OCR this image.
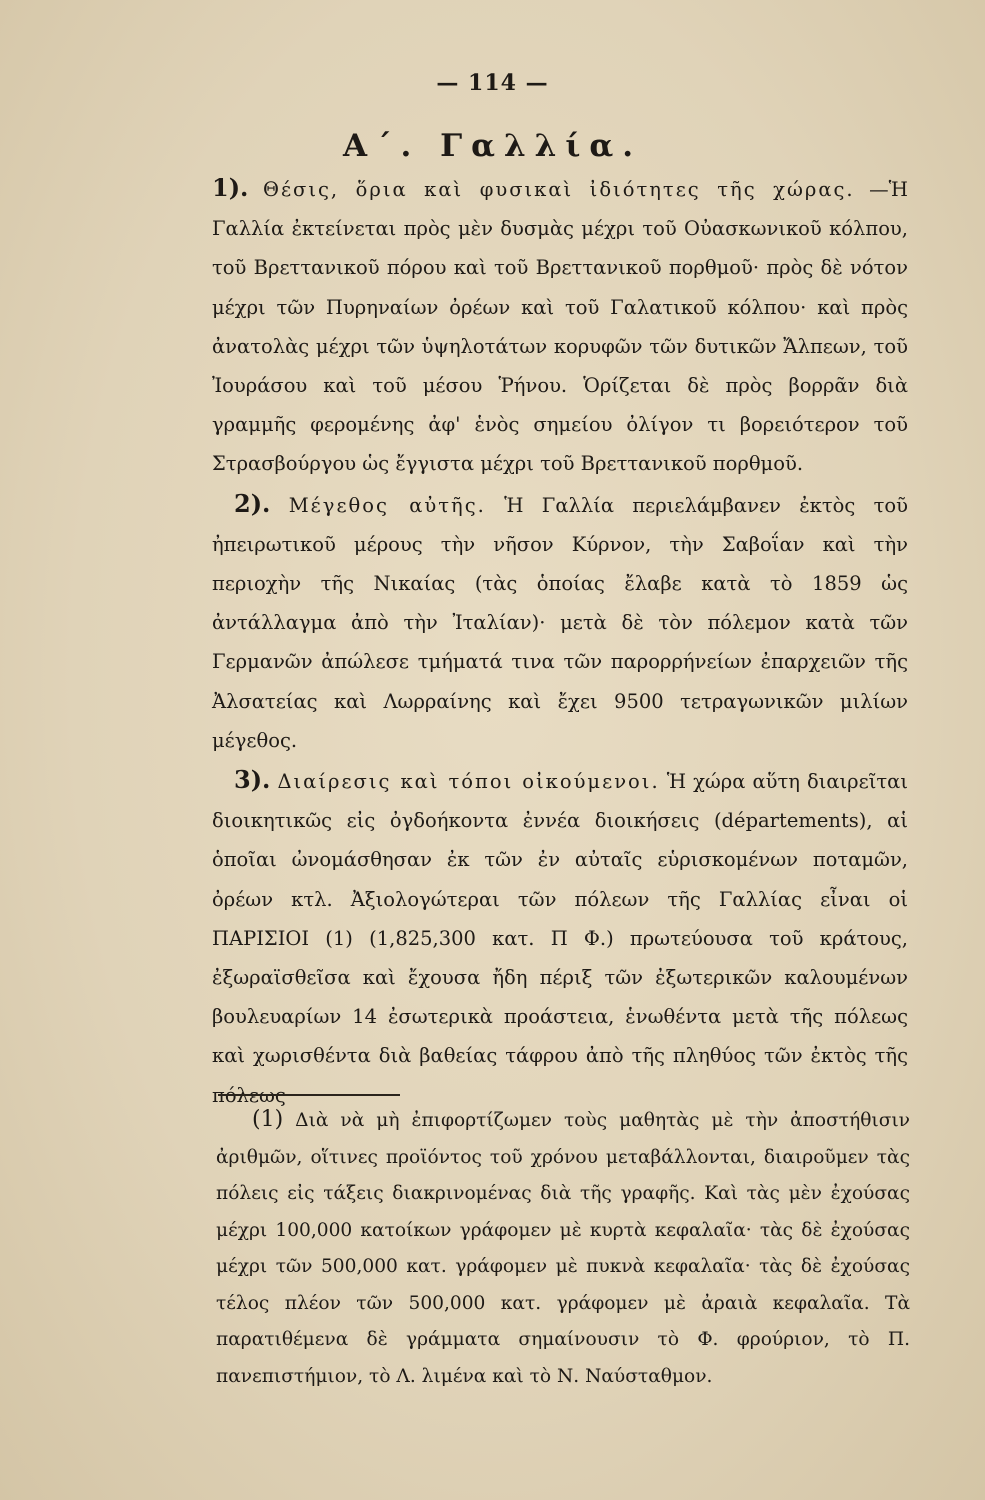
— 114 —
Α΄. Γαλλία.

1). Θέσις, ὅρια καὶ φυσικαὶ ἰδιότητες τῆς χώρας. —Ἡ Γαλλία ἐκτείνεται πρὸς μὲν δυσμὰς μέχρι τοῦ Οὐασκωνικοῦ κόλπου, τοῦ Βρεττανικοῦ πόρου καὶ τοῦ Βρεττανικοῦ πορθμοῦ· πρὸς δὲ νότον μέχρι τῶν Πυρηναίων ὀρέων καὶ τοῦ Γαλατικοῦ κόλπου· καὶ πρὸς ἀνατολὰς μέχρι τῶν ὑψηλοτάτων κορυφῶν τῶν δυτικῶν Ἄλπεων, τοῦ Ἰουράσου καὶ τοῦ μέσου Ῥήνου. Ὁρίζεται δὲ πρὸς βορρᾶν διὰ γραμμῆς φερομένης ἀφ' ἑνὸς σημείου ὀλίγον τι βορειότερον τοῦ Στρασβούργου ὡς ἔγγιστα μέχρι τοῦ Βρεττανικοῦ πορθμοῦ.

2). Μέγεθος αὐτῆς. Ἡ Γαλλία περιελάμβανεν ἐκτὸς τοῦ ἠπειρωτικοῦ μέρους τὴν νῆσον Κύρνον, τὴν Σαβοΐαν καὶ τὴν περιοχὴν τῆς Νικαίας (τὰς ὁποίας ἔλαβε κατὰ τὸ 1859 ὡς ἀντάλλαγμα ἀπὸ τὴν Ἰταλίαν)· μετὰ δὲ τὸν πόλεμον κατὰ τῶν Γερμανῶν ἀπώλεσε τμήματά τινα τῶν παρορρήνείων ἐπαρχειῶν τῆς Ἀλσατείας καὶ Λωρραίνης καὶ ἔχει 9500 τετραγωνικῶν μιλίων μέγεθος.

3). Διαίρεσις καὶ τόποι οἰκούμενοι. Ἡ χώρα αὕτη διαιρεῖται διοικητικῶς εἰς ὀγδοήκοντα ἐννέα διοικήσεις (départements), αἱ ὁποῖαι ὠνομάσθησαν ἐκ τῶν ἐν αὐταῖς εὑρισκομένων ποταμῶν, ὀρέων κτλ. Ἀξιολογώτεραι τῶν πόλεων τῆς Γαλλίας εἶναι οἱ ΠΑΡΙΣΙΟΙ (1) (1,825,300 κατ. Π Φ.) πρωτεύουσα τοῦ κράτους, ἐξωραϊσθεῖσα καὶ ἔχουσα ἤδη πέριξ τῶν ἐξωτερικῶν καλουμένων βουλευαρίων 14 ἐσωτερικὰ προάστεια, ἑνωθέντα μετὰ τῆς πόλεως καὶ χωρισθέντα διὰ βαθείας τάφρου ἀπὸ τῆς πληθύος τῶν ἐκτὸς τῆς πόλεως

(1) Διὰ νὰ μὴ ἐπιφορτίζωμεν τοὺς μαθητὰς μὲ τὴν ἀποστήθισιν ἀριθμῶν, οἵτινες προϊόντος τοῦ χρόνου μεταβάλλονται, διαιροῦμεν τὰς πόλεις εἰς τάξεις διακρινομένας διὰ τῆς γραφῆς. Καὶ τὰς μὲν ἐχούσας μέχρι 100,000 κατοίκων γράφομεν μὲ κυρτὰ κεφαλαῖα· τὰς δὲ ἐχούσας μέχρι τῶν 500,000 κατ. γράφομεν μὲ πυκνὰ κεφαλαῖα· τὰς δὲ ἐχούσας τέλος πλέον τῶν 500,000 κατ. γράφομεν μὲ ἀραιὰ κεφαλαῖα. Τὰ παρατιθέμενα δὲ γράμματα σημαίνουσιν τὸ Φ. φρούριον, τὸ Π. πανεπιστήμιον, τὸ Λ. λιμένα καὶ τὸ Ν. Ναύσταθμον.
